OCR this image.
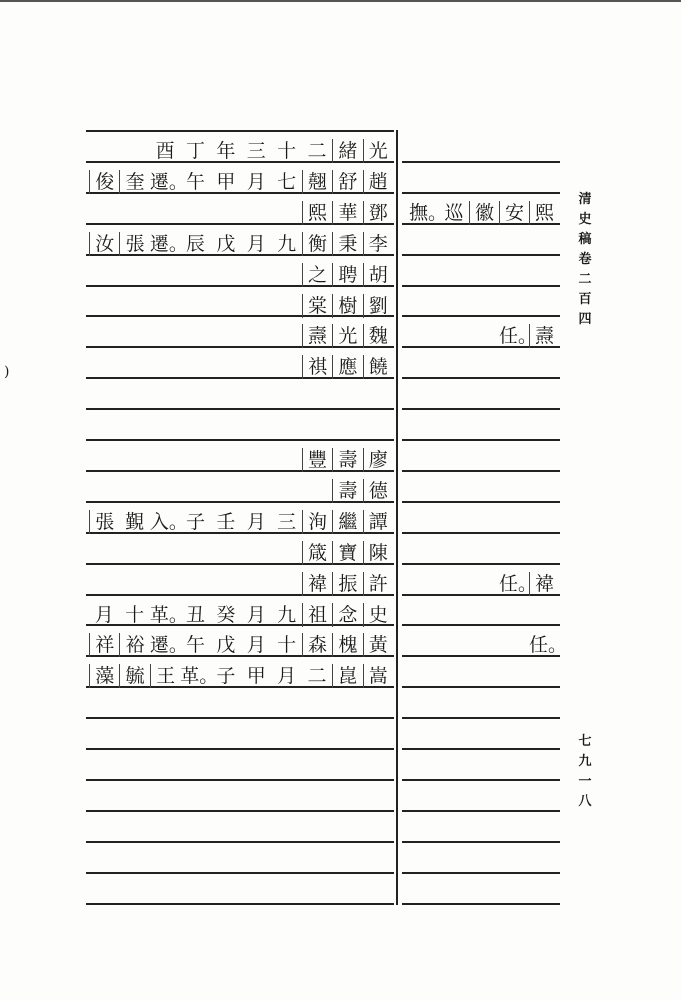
)
清
史
稿
卷
二
百
四
七
九
一
八
光
緒
二
十
三
年
丁
酉
趙
舒
翹
七
月
甲
午
遷。
奎
俊
鄧
華
熙
李
秉
衡
九
月
戊
辰
遷。
張
汝
胡
聘
之
劉
樹
棠
魏
光
燾
饒
應
祺
廖
壽
豐
德
壽
譚
繼
洵
三
月
壬
子
入。
覲
張
陳
寶
箴
許
振
褘
史
念
祖
九
月
癸
丑
革。
十
月
黃
槐
森
十
月
戊
午
遷。
裕
祥
嵩
崑
二
月
甲
子
革。
王
毓
藻
熙
安
徽
巡
撫。
燾
任。
褘
任。
任。
